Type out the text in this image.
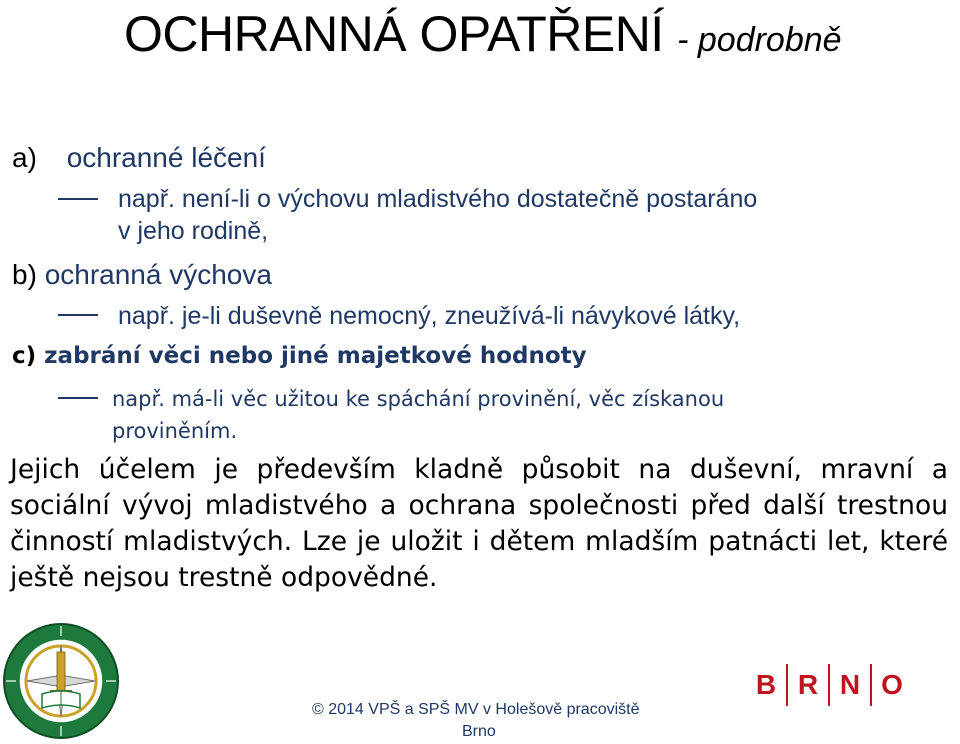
OCHRANNÁ OPATŘENÍ - podrobně
a) ochranné léčení
např. není-li o výchovu mladistvého dostatečně postaráno
v jeho rodině,
b) ochranná výchova
např. je-li duševně nemocný, zneužívá-li návykové látky,
c) zabrání věci nebo jiné majetkové hodnoty
např. má-li věc užitou ke spáchání provinění, věc získanou
proviněním.
Jejich účelem je především kladně působit na duševní, mravní a sociální vývoj mladistvého a ochrana společnosti před další trestnou činností mladistvých. Lze je uložit i dětem mladším patnácti let, které ještě nejsou trestně odpovědné.
© 2014 VPŠ a SPŠ MV v Holešově pracoviště
Brno
B R N O
